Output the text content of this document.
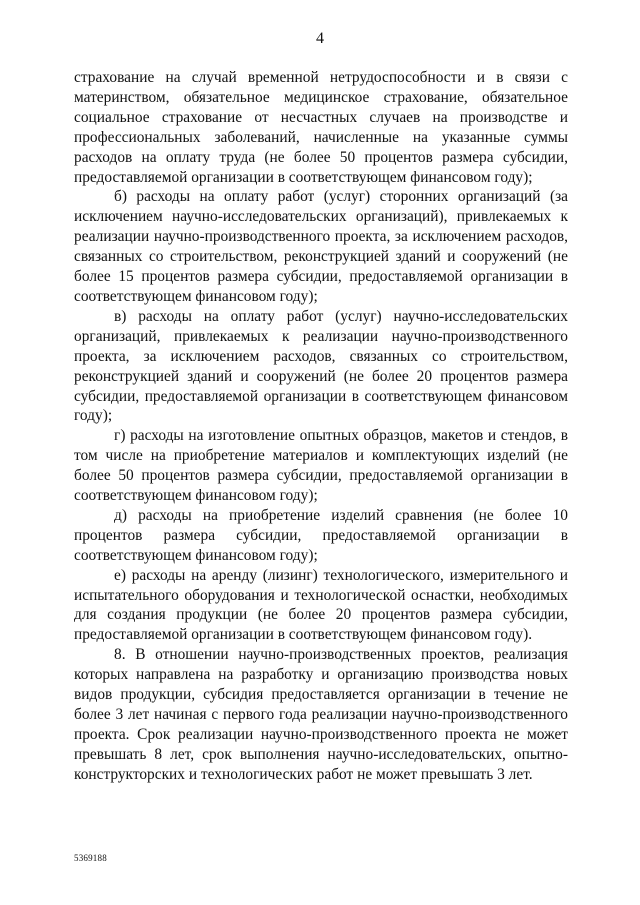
4

страхование на случай временной нетрудоспособности и в связи с материнством, обязательное медицинское страхование, обязательное социальное страхование от несчастных случаев на производстве и профессиональных заболеваний, начисленные на указанные суммы расходов на оплату труда (не более 50 процентов размера субсидии, предоставляемой организации в соответствующем финансовом году);

б) расходы на оплату работ (услуг) сторонних организаций (за исключением научно-исследовательских организаций), привлекаемых к реализации научно-производственного проекта, за исключением расходов, связанных со строительством, реконструкцией зданий и сооружений (не более 15 процентов размера субсидии, предоставляемой организации в соответствующем финансовом году);

в) расходы на оплату работ (услуг) научно-исследовательских организаций, привлекаемых к реализации научно-производственного проекта, за исключением расходов, связанных со строительством, реконструкцией зданий и сооружений (не более 20 процентов размера субсидии, предоставляемой организации в соответствующем финансовом году);

г) расходы на изготовление опытных образцов, макетов и стендов, в том числе на приобретение материалов и комплектующих изделий (не более 50 процентов размера субсидии, предоставляемой организации в соответствующем финансовом году);

д) расходы на приобретение изделий сравнения (не более 10 процентов размера субсидии, предоставляемой организации в соответствующем финансовом году);

е) расходы на аренду (лизинг) технологического, измерительного и испытательного оборудования и технологической оснастки, необходимых для создания продукции (не более 20 процентов размера субсидии, предоставляемой организации в соответствующем финансовом году).

8. В отношении научно-производственных проектов, реализация которых направлена на разработку и организацию производства новых видов продукции, субсидия предоставляется организации в течение не более 3 лет начиная с первого года реализации научно-производственного проекта. Срок реализации научно-производственного проекта не может превышать 8 лет, срок выполнения научно-исследовательских, опытно-конструкторских и технологических работ не может превышать 3 лет.

5369188
